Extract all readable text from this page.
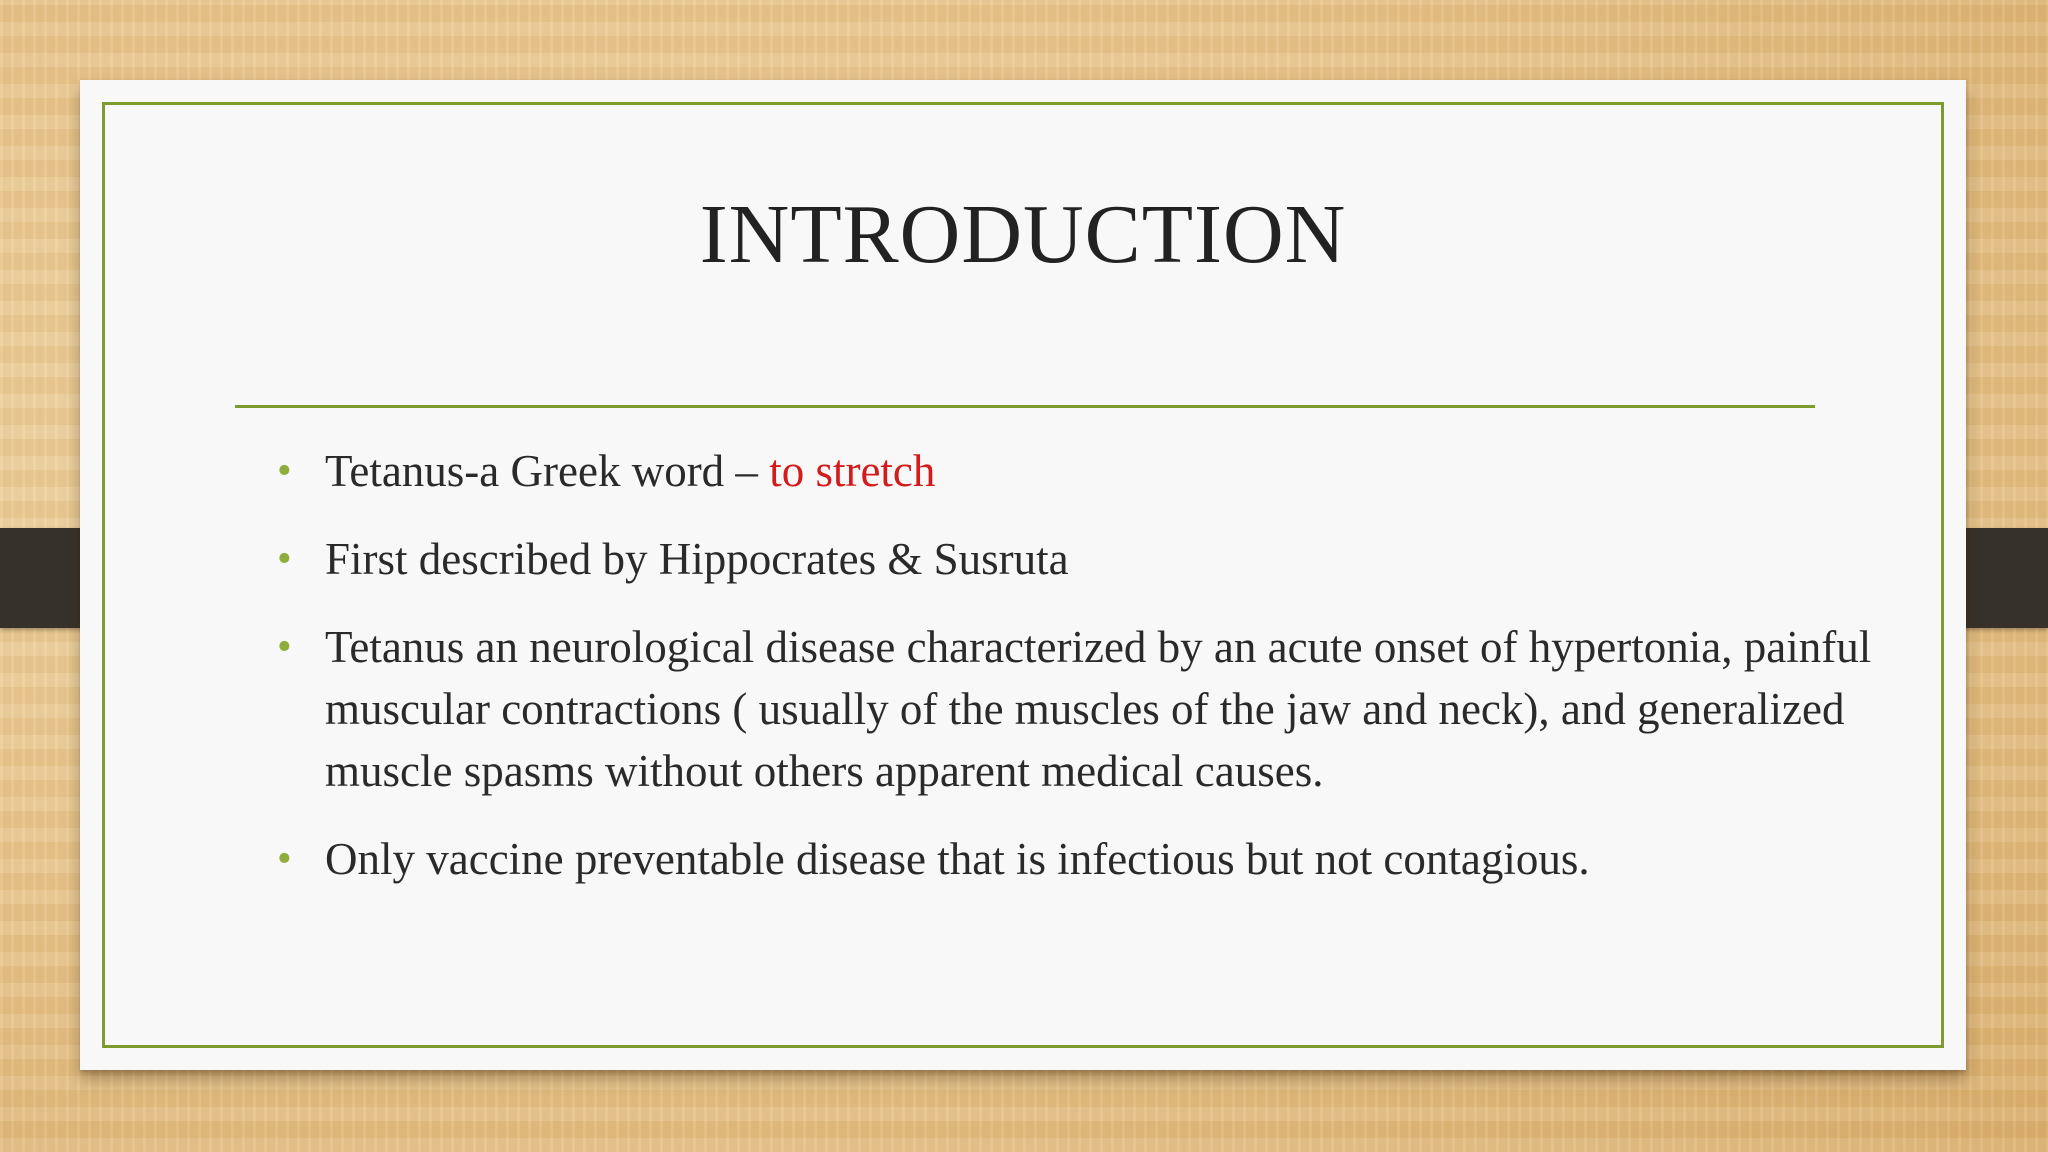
INTRODUCTION
• Tetanus-a Greek word – to stretch
• First described by Hippocrates & Susruta
• Tetanus an neurological disease characterized by an acute onset of hypertonia, painful muscular contractions ( usually of the muscles of the jaw and neck), and generalized muscle spasms without others apparent medical causes.
• Only vaccine preventable disease that is infectious but not contagious.
